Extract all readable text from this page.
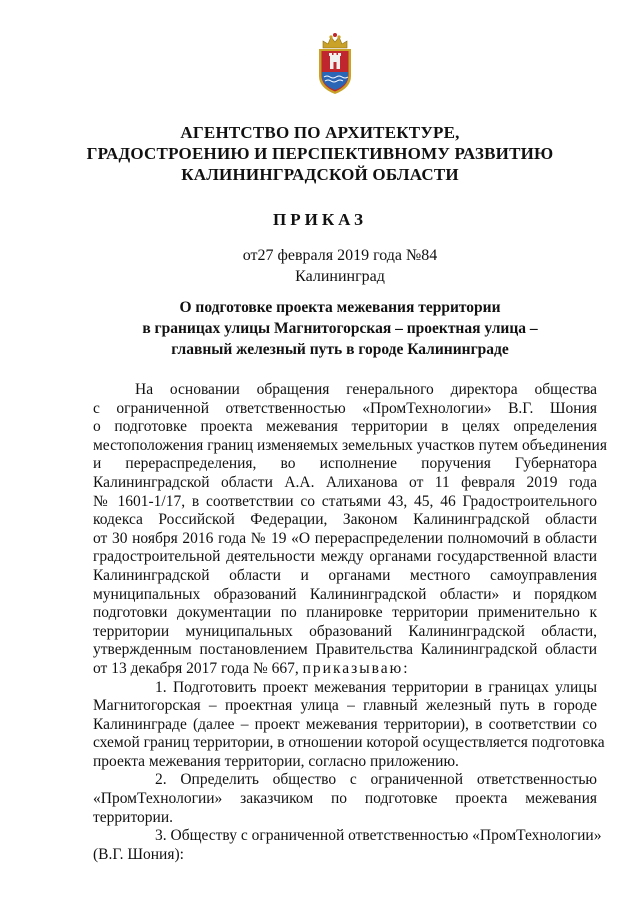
АГЕНТСТВО ПО АРХИТЕКТУРЕ,
ГРАДОСТРОЕНИЮ И ПЕРСПЕКТИВНОМУ РАЗВИТИЮ
КАЛИНИНГРАДСКОЙ ОБЛАСТИ
ПРИКАЗ
от27 февраля 2019 года №84
Калининград
О подготовке проекта межевания территории
в границах улицы Магнитогорская – проектная улица –
главный железный путь в городе Калининграде
На основании обращения генерального директора общества
с ограниченной ответственностью «ПромТехнологии» В.Г. Шония
о подготовке проекта межевания территории в целях определения
местоположения границ изменяемых земельных участков путем объединения
и перераспределения, во исполнение поручения Губернатора
Калининградской области А.А. Алиханова от 11 февраля 2019 года
№ 1601-1/17, в соответствии со статьями 43, 45, 46 Градостроительного
кодекса Российской Федерации, Законом Калининградской области
от 30 ноября 2016 года № 19 «О перераспределении полномочий в области
градостроительной деятельности между органами государственной власти
Калининградской области и органами местного самоуправления
муниципальных образований Калининградской области» и порядком
подготовки документации по планировке территории применительно к
территории муниципальных образований Калининградской области,
утвержденным постановлением Правительства Калининградской области
от 13 декабря 2017 года № 667, приказываю:
1. Подготовить проект межевания территории в границах улицы
Магнитогорская – проектная улица – главный железный путь в городе
Калининграде (далее – проект межевания территории), в соответствии со
схемой границ территории, в отношении которой осуществляется подготовка
проекта межевания территории, согласно приложению.
2. Определить общество с ограниченной ответственностью
«ПромТехнологии» заказчиком по подготовке проекта межевания
территории.
3. Обществу с ограниченной ответственностью «ПромТехнологии»
(В.Г. Шония):
